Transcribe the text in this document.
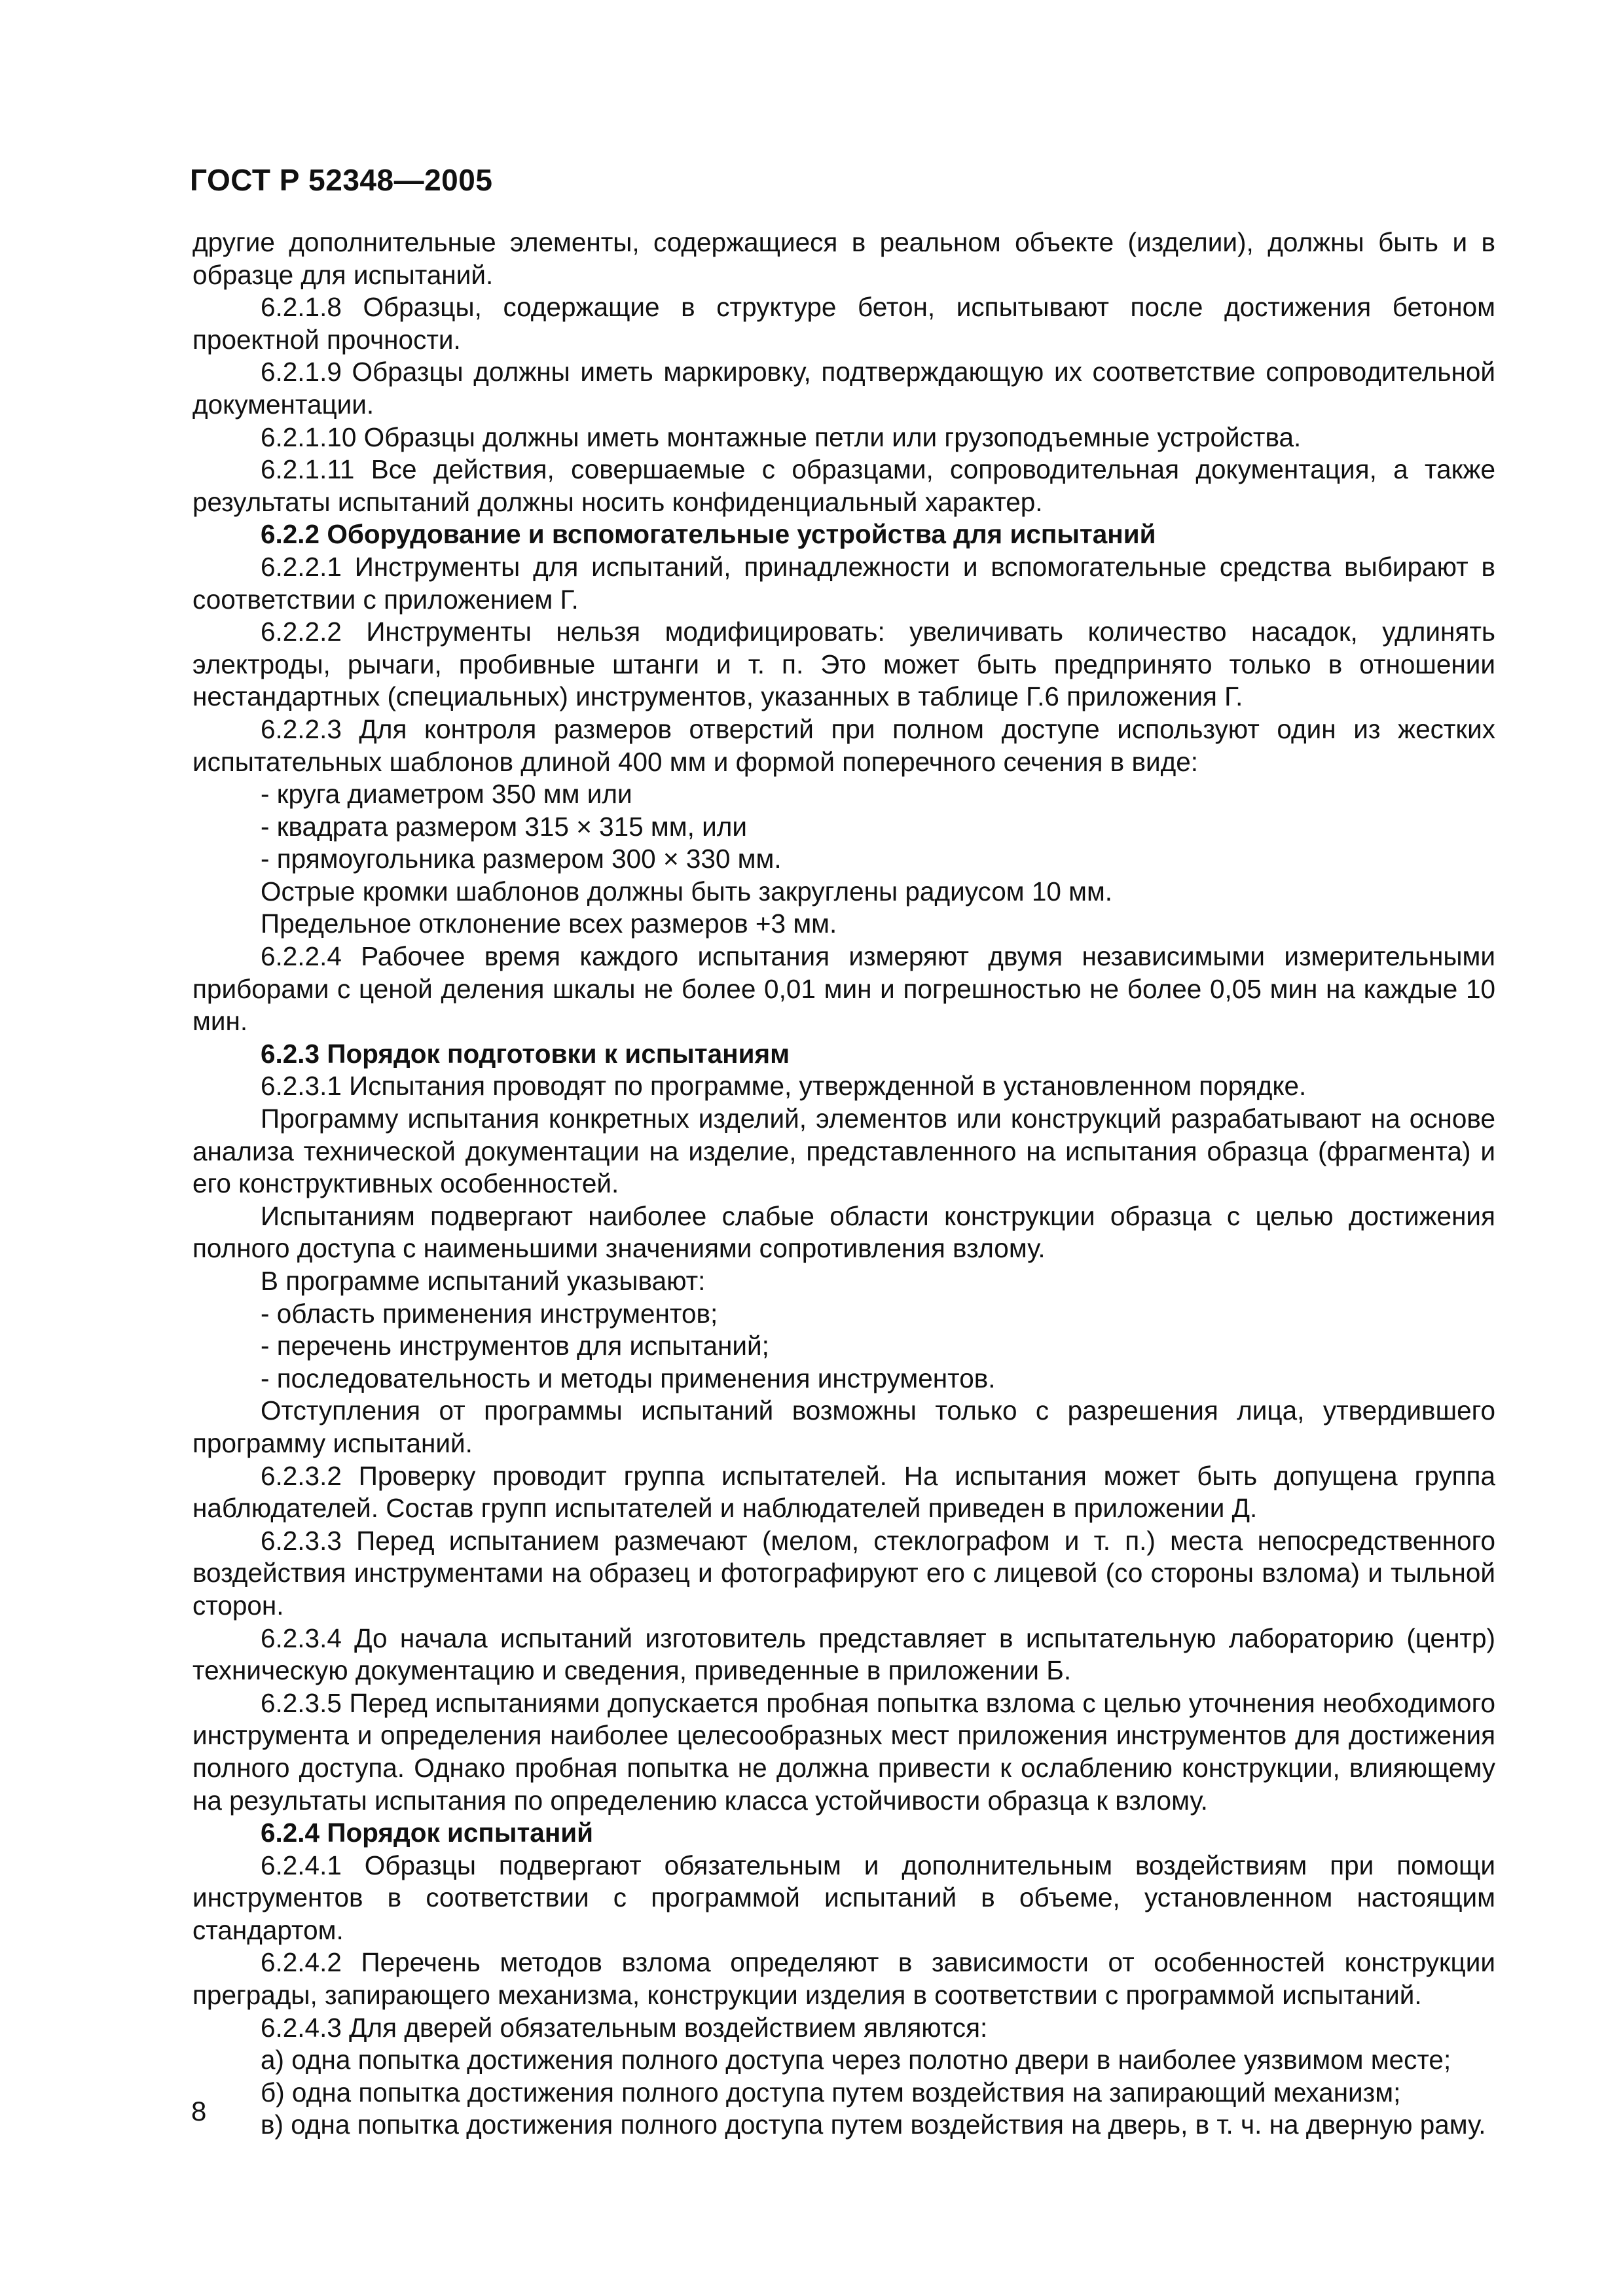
ГОСТ Р 52348—2005

другие дополнительные элементы, содержащиеся в реальном объекте (изделии), должны быть и в образце для испытаний.

6.2.1.8 Образцы, содержащие в структуре бетон, испытывают после достижения бетоном проектной прочности.

6.2.1.9 Образцы должны иметь маркировку, подтверждающую их соответствие сопроводительной документации.

6.2.1.10 Образцы должны иметь монтажные петли или грузоподъемные устройства.

6.2.1.11 Все действия, совершаемые с образцами, сопроводительная документация, а также результаты испытаний должны носить конфиденциальный характер.

6.2.2 Оборудование и вспомогательные устройства для испытаний

6.2.2.1 Инструменты для испытаний, принадлежности и вспомогательные средства выбирают в соответствии с приложением Г.

6.2.2.2 Инструменты нельзя модифицировать: увеличивать количество насадок, удлинять электроды, рычаги, пробивные штанги и т. п. Это может быть предпринято только в отношении нестандартных (специальных) инструментов, указанных в таблице Г.6 приложения Г.

6.2.2.3 Для контроля размеров отверстий при полном доступе используют один из жестких испытательных шаблонов длиной 400 мм и формой поперечного сечения в виде:

- круга диаметром 350 мм или

- квадрата размером 315 × 315 мм, или

- прямоугольника размером 300 × 330 мм.

Острые кромки шаблонов должны быть закруглены радиусом 10 мм.

Предельное отклонение всех размеров +3 мм.

6.2.2.4 Рабочее время каждого испытания измеряют двумя независимыми измерительными приборами с ценой деления шкалы не более 0,01 мин и погрешностью не более 0,05 мин на каждые 10 мин.

6.2.3 Порядок подготовки к испытаниям

6.2.3.1 Испытания проводят по программе, утвержденной в установленном порядке.

Программу испытания конкретных изделий, элементов или конструкций разрабатывают на основе анализа технической документации на изделие, представленного на испытания образца (фрагмента) и его конструктивных особенностей.

Испытаниям подвергают наиболее слабые области конструкции образца с целью достижения полного доступа с наименьшими значениями сопротивления взлому.

В программе испытаний указывают:

- область применения инструментов;

- перечень инструментов для испытаний;

- последовательность и методы применения инструментов.

Отступления от программы испытаний возможны только с разрешения лица, утвердившего программу испытаний.

6.2.3.2 Проверку проводит группа испытателей. На испытания может быть допущена группа наблюдателей. Состав групп испытателей и наблюдателей приведен в приложении Д.

6.2.3.3 Перед испытанием размечают (мелом, стеклографом и т. п.) места непосредственного воздействия инструментами на образец и фотографируют его с лицевой (со стороны взлома) и тыльной сторон.

6.2.3.4 До начала испытаний изготовитель представляет в испытательную лабораторию (центр) техническую документацию и сведения, приведенные в приложении Б.

6.2.3.5 Перед испытаниями допускается пробная попытка взлома с целью уточнения необходимого инструмента и определения наиболее целесообразных мест приложения инструментов для достижения полного доступа. Однако пробная попытка не должна привести к ослаблению конструкции, влияющему на результаты испытания по определению класса устойчивости образца к взлому.

6.2.4 Порядок испытаний

6.2.4.1 Образцы подвергают обязательным и дополнительным воздействиям при помощи инструментов в соответствии с программой испытаний в объеме, установленном настоящим стандартом.

6.2.4.2 Перечень методов взлома определяют в зависимости от особенностей конструкции преграды, запирающего механизма, конструкции изделия в соответствии с программой испытаний.

6.2.4.3 Для дверей обязательным воздействием являются:

а) одна попытка достижения полного доступа через полотно двери в наиболее уязвимом месте;

б) одна попытка достижения полного доступа путем воздействия на запирающий механизм;

в) одна попытка достижения полного доступа путем воздействия на дверь, в т. ч. на дверную раму.

8
